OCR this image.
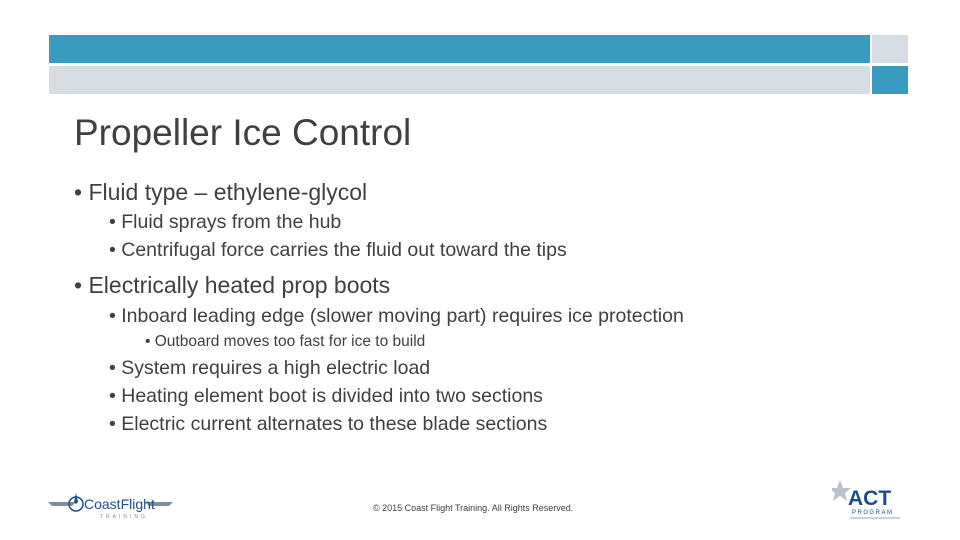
Propeller Ice Control
• Fluid type – ethylene-glycol
• Fluid sprays from the hub
• Centrifugal force carries the fluid out toward the tips
• Electrically heated prop boots
• Inboard leading edge (slower moving part) requires ice protection
• Outboard moves too fast for ice to build
• System requires a high electric load
• Heating element boot is divided into two sections
• Electric current alternates to these blade sections
CoastFlight
TRAINING
© 2015 Coast Flight Training. All Rights Reserved.	ACT
PROGRAM
